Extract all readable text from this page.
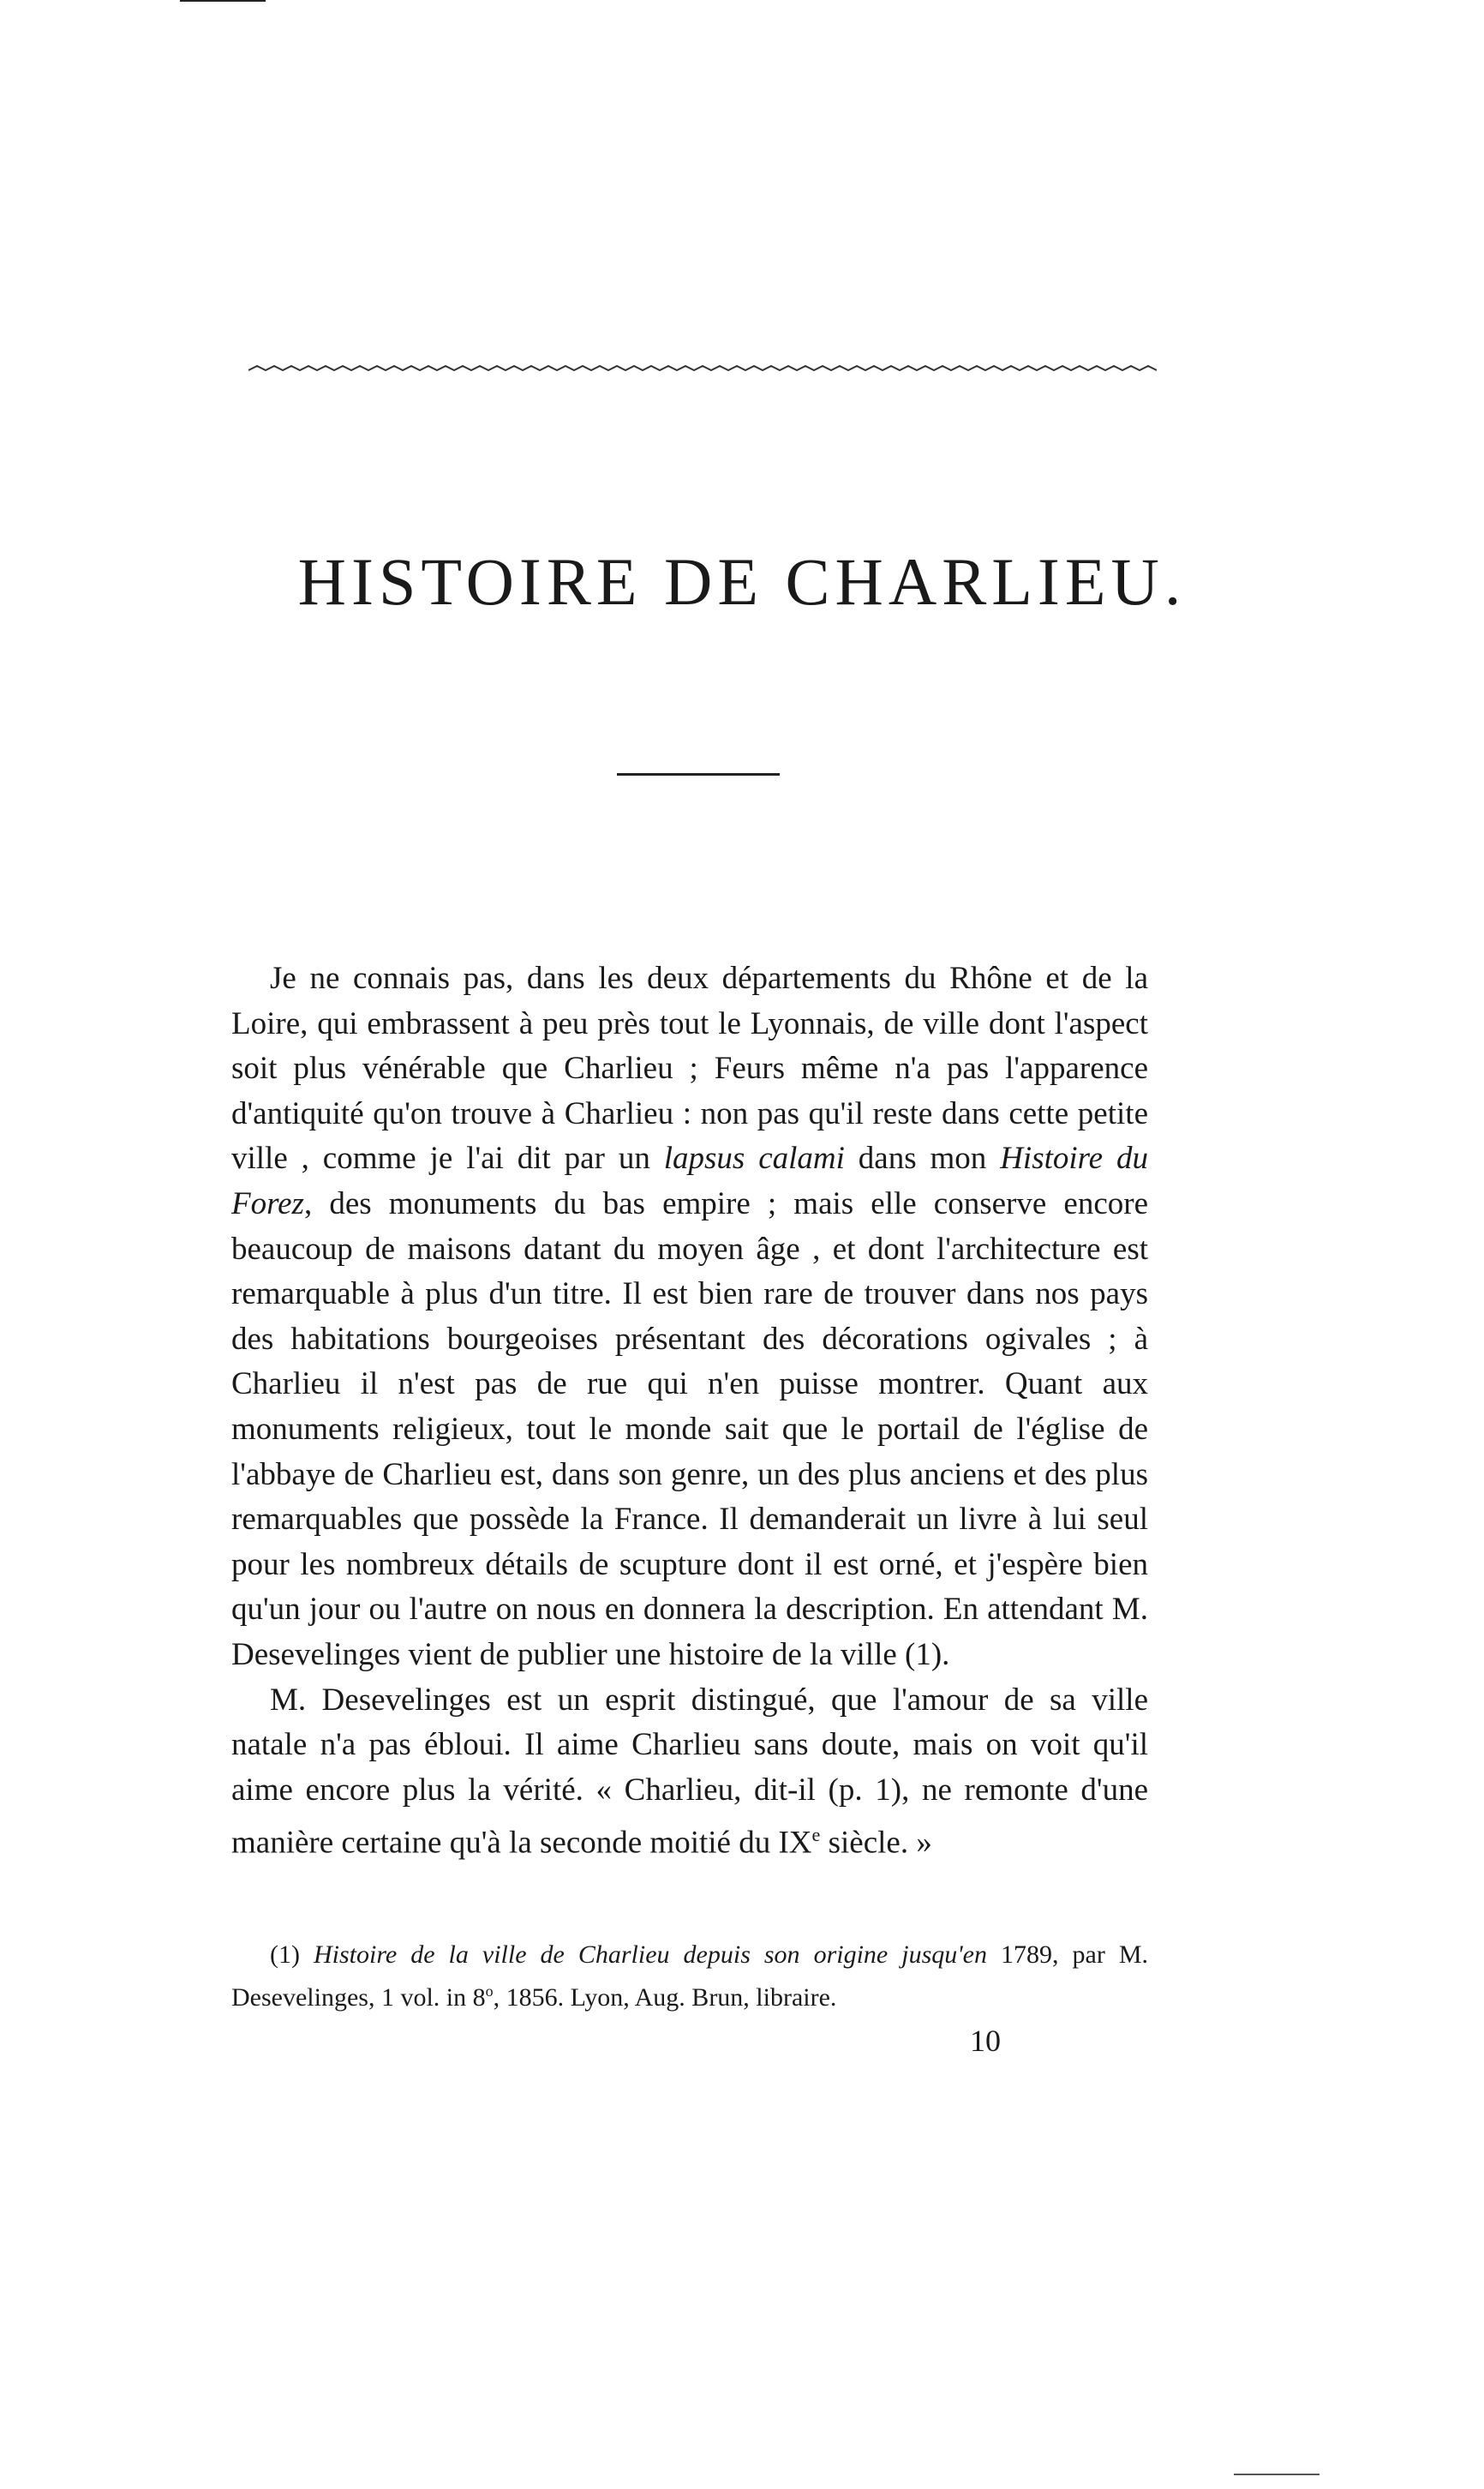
HISTOIRE DE CHARLIEU.

Je ne connais pas, dans les deux départements du Rhône et de la Loire, qui embrassent à peu près tout le Lyonnais, de ville dont l'aspect soit plus vénérable que Charlieu ; Feurs même n'a pas l'apparence d'antiquité qu'on trouve à Charlieu : non pas qu'il reste dans cette petite ville , comme je l'ai dit par un lapsus calami dans mon Histoire du Forez, des monuments du bas empire ; mais elle conserve encore beaucoup de maisons datant du moyen âge , et dont l'architecture est remarquable à plus d'un titre. Il est bien rare de trouver dans nos pays des habitations bourgeoises présentant des décorations ogivales ; à Charlieu il n'est pas de rue qui n'en puisse montrer. Quant aux monuments religieux, tout le monde sait que le portail de l'église de l'abbaye de Charlieu est, dans son genre, un des plus anciens et des plus remarquables que possède la France. Il demanderait un livre à lui seul pour les nombreux détails de scupture dont il est orné, et j'espère bien qu'un jour ou l'autre on nous en donnera la description. En attendant M. Desevelinges vient de publier une histoire de la ville (1).

M. Desevelinges est un esprit distingué, que l'amour de sa ville natale n'a pas ébloui. Il aime Charlieu sans doute, mais on voit qu'il aime encore plus la vérité. « Charlieu, dit-il (p. 1), ne remonte d'une manière certaine qu'à la seconde moitié du IXe siècle. »

(1) Histoire de la ville de Charlieu depuis son origine jusqu'en 1789, par M. Desevelinges, 1 vol. in 8$^o$, 1856. Lyon, Aug. Brun, libraire.

10
